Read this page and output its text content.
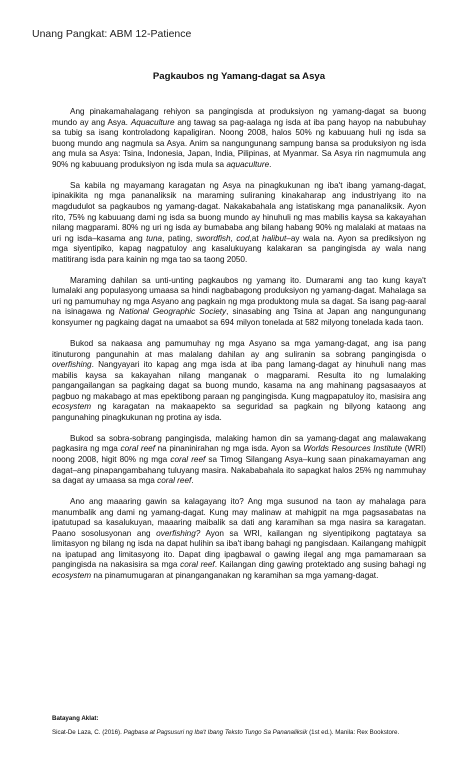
Unang Pangkat: ABM 12-Patience
Pagkaubos ng Yamang-dagat sa Asya

Ang pinakamahalagang rehiyon sa pangingisda at produksiyon ng yamang-dagat sa buong mundo ay ang Asya. Aquaculture ang tawag sa pag-aalaga ng isda at iba pang hayop na nabubuhay sa tubig sa isang kontroladong kapaligiran. Noong 2008, halos 50% ng kabuuang huli ng isda sa buong mundo ang nagmula sa Asya. Anim sa nangungunang sampung bansa sa produksiyon ng isda ang mula sa Asya: Tsina, Indonesia, Japan, India, Pilipinas, at Myanmar. Sa Asya rin nagmumula ang 90% ng kabuuang produksiyon ng isda mula sa aquaculture.

Sa kabila ng mayamang karagatan ng Asya na pinagkukunan ng iba't ibang yamang-dagat, ipinakikita ng mga pananaliksik na maraming suliraning kinakaharap ang industriyang ito na magdudulot sa pagkaubos ng yamang-dagat. Nakakabahala ang istatiskang mga pananaliksik. Ayon rito, 75% ng kabuuang dami ng isda sa buong mundo ay hinuhuli ng mas mabilis kaysa sa kakayahan nilang magparami. 80% ng uri ng isda ay bumababa ang bilang habang 90% ng malalaki at mataas na uri ng isda–kasama ang tuna, pating, swordfish, cod,at halibut–ay wala na. Ayon sa prediksiyon ng mga siyentipiko, kapag nagpatuloy ang kasalukuyang kalakaran sa pangingisda ay wala nang matitirang isda para kainin ng mga tao sa taong 2050.

Maraming dahilan sa unti-unting pagkaubos ng yamang ito. Dumarami ang tao kung kaya't lumalaki ang populasyong umaasa sa hindi nagbabagong produksiyon ng yamang-dagat. Mahalaga sa uri ng pamumuhay ng mga Asyano ang pagkain ng mga produktong mula sa dagat. Sa isang pag-aaral na isinagawa ng National Geographic Society, sinasabing ang Tsina at Japan ang nangungunang konsyumer ng pagkaing dagat na umaabot sa 694 milyon tonelada at 582 milyong tonelada kada taon.

Bukod sa nakaasa ang pamumuhay ng mga Asyano sa mga yamang-dagat, ang isa pang itinuturong pangunahin at mas malalang dahilan ay ang suliranin sa sobrang pangingisda o overfishing. Nangyayari ito kapag ang mga isda at iba pang lamang-dagat ay hinuhuli nang mas mabilis kaysa sa kakayahan nilang manganak o magparami. Resulta ito ng lumalaking pangangailangan sa pagkaing dagat sa buong mundo, kasama na ang mahinang pagsasaayos at pagbuo ng makabago at mas epektibong paraan ng pangingisda. Kung magpapatuloy ito, masisira ang ecosystem ng karagatan na makaapekto sa seguridad sa pagkain ng bilyong kataong ang pangunahing pinagkukunan ng protina ay isda.

Bukod sa sobra-sobrang pangingisda, malaking hamon din sa yamang-dagat ang malawakang pagkasira ng mga coral reef na pinaninirahan ng mga isda. Ayon sa Worlds Resources Institute (WRI) noong 2008, higit 80% ng mga coral reef sa Timog Silangang Asya–kung saan pinakamayaman ang dagat–ang pinapangambahang tuluyang masira. Nakababahala ito sapagkat halos 25% ng nammuhay sa dagat ay umaasa sa mga coral reef.

Ano ang maaaring gawin sa kalagayang ito? Ang mga susunod na taon ay mahalaga para manumbalik ang dami ng yamang-dagat. Kung may malinaw at mahigpit na mga pagsasabatas na ipatutupad sa kasalukuyan, maaaring maibalik sa dati ang karamihan sa mga nasira sa karagatan. Paano sosolusyonan ang overfishing? Ayon sa WRI, kailangan ng siyentipikong pagtataya sa limitasyon ng bilang ng isda na dapat hulihin sa iba't ibang bahagi ng pangisdaan. Kailangang mahigpit na ipatupad ang limitasyong ito. Dapat ding ipagbawal o gawing ilegal ang mga pamamaraan sa pangingisda na nakasisira sa mga coral reef. Kailangan ding gawing protektado ang susing bahagi ng ecosystem na pinamumugaran at pinanganganakan ng karamihan sa mga yamang-dagat.

Batayang Aklat:
Sicat-De Laza, C. (2016). Pagbasa at Pagsusuri ng Iba't Ibang Teksto Tungo Sa Pananaliksik (1st ed.). Manila: Rex Bookstore.
